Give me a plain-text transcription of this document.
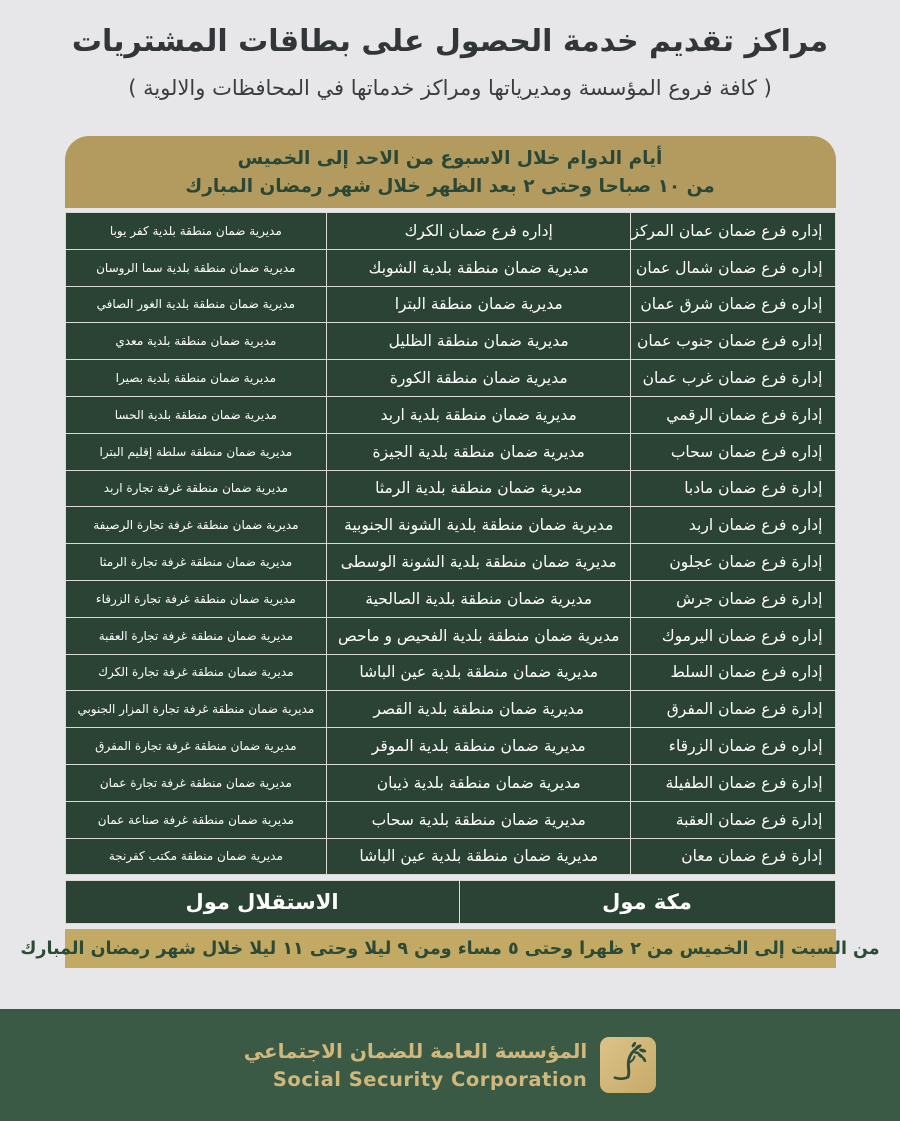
مراكز تقديم خدمة الحصول على بطاقات المشتريات
( كافة فروع المؤسسة ومديرياتها ومراكز خدماتها في المحافظات والالوية )
أيام الدوام خلال الاسبوع من الاحد إلى الخميس
من ١٠ صباحا وحتى ٢ بعد الظهر خلال شهر رمضان المبارك
إداره فرع ضمان عمان المركز	إداره فرع ضمان الكرك	مديرية ضمان منطقة بلدية كفر يوبا
إداره فرع ضمان شمال عمان	مديرية ضمان منطقة بلدية الشوبك	مديرية ضمان منطقة بلدية سما الروسان
إداره فرع ضمان شرق عمان	مديرية ضمان منطقة البترا	مديرية ضمان منطقة بلدية الغور الصافي
إداره فرع ضمان جنوب عمان	مديرية ضمان منطقة الظليل	مديرية ضمان منطقة بلدية معدي
إدارة فرع ضمان غرب عمان	مديرية ضمان منطقة الكورة	مديرية ضمان منطقة بلدية بصيرا
إدارة فرع ضمان الرقمي	مديرية ضمان منطقة بلدية اربد	مديرية ضمان منطقة بلدية الحسا
إداره فرع ضمان سحاب	مديرية ضمان منطقة بلدية الجيزة	مديرية ضمان منطقة سلطة إقليم البترا
إدارة فرع ضمان مادبا	مديرية ضمان منطقة بلدية الرمثا	مديرية ضمان منطقة غرفة تجارة اربد
إداره فرع ضمان اربد	مديرية ضمان منطقة بلدية الشونة الجنوبية	مديرية ضمان منطقة غرفة تجارة الرصيفة
إدارة فرع ضمان عجلون	مديرية ضمان منطقة بلدية الشونة الوسطى	مديرية ضمان منطقة غرفة تجارة الرمثا
إدارة فرع ضمان جرش	مديرية ضمان منطقة بلدية الصالحية	مديرية ضمان منطقة غرفة تجارة الزرقاء
إداره فرع ضمان اليرموك	مديرية ضمان منطقة بلدية الفحيص و ماحص	مديرية ضمان منطقة غرفة تجارة العقبة
إداره فرع ضمان السلط	مديرية ضمان منطقة بلدية عين الباشا	مديرية ضمان منطقة غرفة تجارة الكرك
إدارة فرع ضمان المفرق	مديرية ضمان منطقة بلدية القصر	مديرية ضمان منطقة غرفة تجارة المزار الجنوبي
إداره فرع ضمان الزرقاء	مديرية ضمان منطقة بلدية الموقر	مديرية ضمان منطقة غرفة تجارة المفرق
إدارة فرع ضمان الطفيلة	مديرية ضمان منطقة بلدية ذيبان	مديرية ضمان منطقة غرفة تجارة عمان
إدارة فرع ضمان العقبة	مديرية ضمان منطقة بلدية سحاب	مديرية ضمان منطقة غرفة صناعة عمان
إدارة فرع ضمان معان	مديرية ضمان منطقة بلدية عين الباشا	مديرية ضمان منطقة مكتب كفرنجة
مكة مول
الاستقلال مول
من السبت إلى الخميس من ٢ ظهرا وحتى ٥ مساء ومن ٩ ليلا وحتى ١١ ليلا خلال شهر رمضان المبارك
المؤسسة العامة للضمان الاجتماعي
Social Security Corporation
